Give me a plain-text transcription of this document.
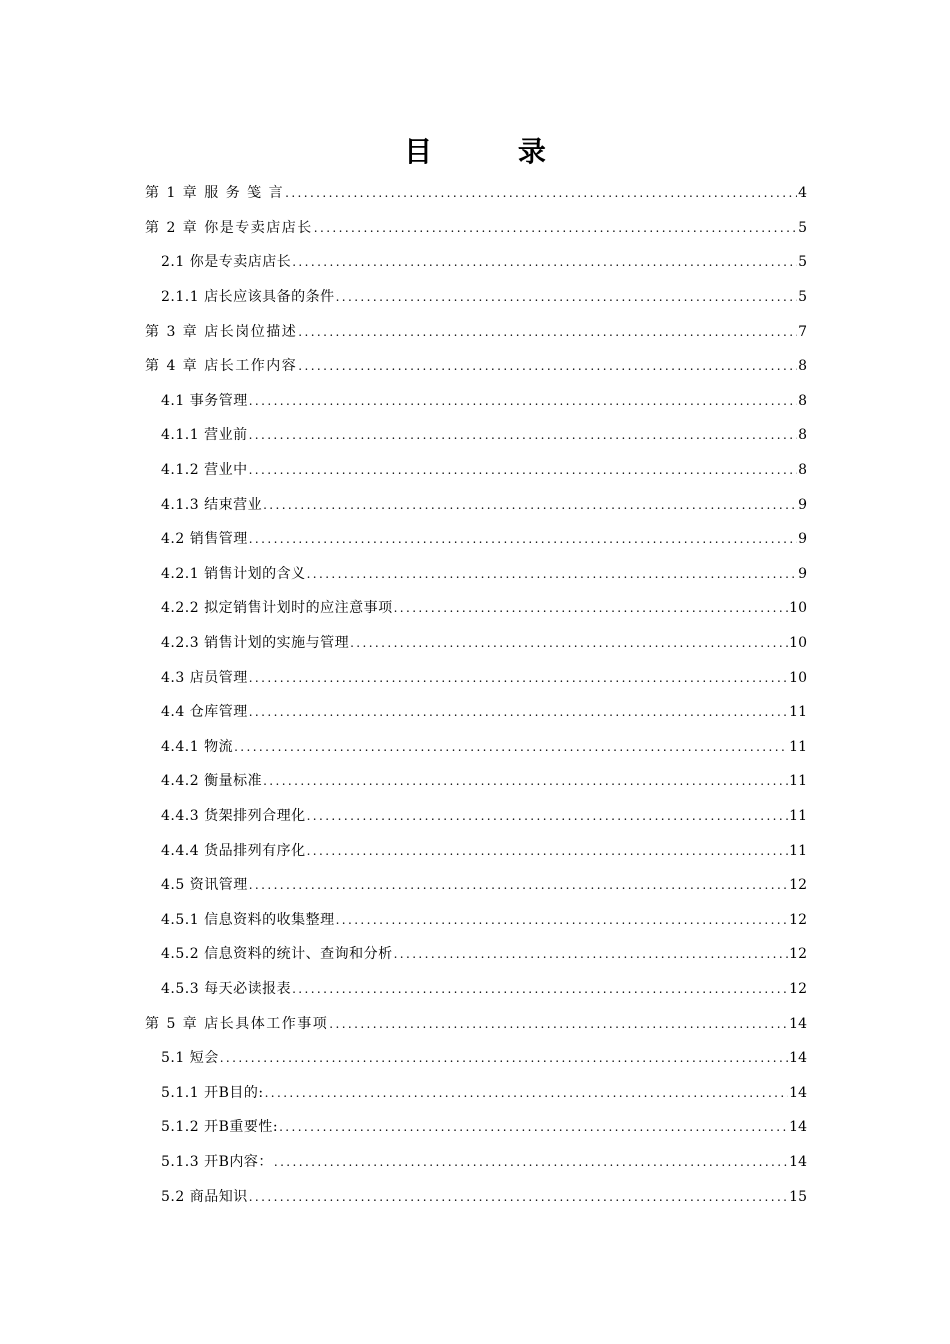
目 录
第 1 章 服 务 笺 言 .....	4
第 2 章 你是专卖店店长 .....	5
2.1 你是专卖店店长 .....	5
2.1.1 店长应该具备的条件 .....	5
第 3 章 店长岗位描述 .....	7
第 4 章 店长工作内容 .....	8
4.1 事务管理 .....	8
4.1.1 营业前 .....	8
4.1.2 营业中 .....	8
4.1.3 结束营业 .....	9
4.2 销售管理 .....	9
4.2.1 销售计划的含义 .....	9
4.2.2 拟定销售计划时的应注意事项 .....	10
4.2.3 销售计划的实施与管理 .....	10
4.3 店员管理 .....	10
4.4 仓库管理 .....	11
4.4.1 物流 .....	11
4.4.2 衡量标准 .....	11
4.4.3 货架排列合理化 .....	11
4.4.4 货品排列有序化 .....	11
4.5 资讯管理 .....	12
4.5.1 信息资料的收集整理 .....	12
4.5.2 信息资料的统计、查询和分析 .....	12
4.5.3 每天必读报表 .....	12
第 5 章 店长具体工作事项 .....	14
5.1 短会 .....	14
5.1.1 开B目的: .....	14
5.1.2 开B重要性: .....	14
5.1.3 开B内容： .....	14
5.2 商品知识 .....	15
